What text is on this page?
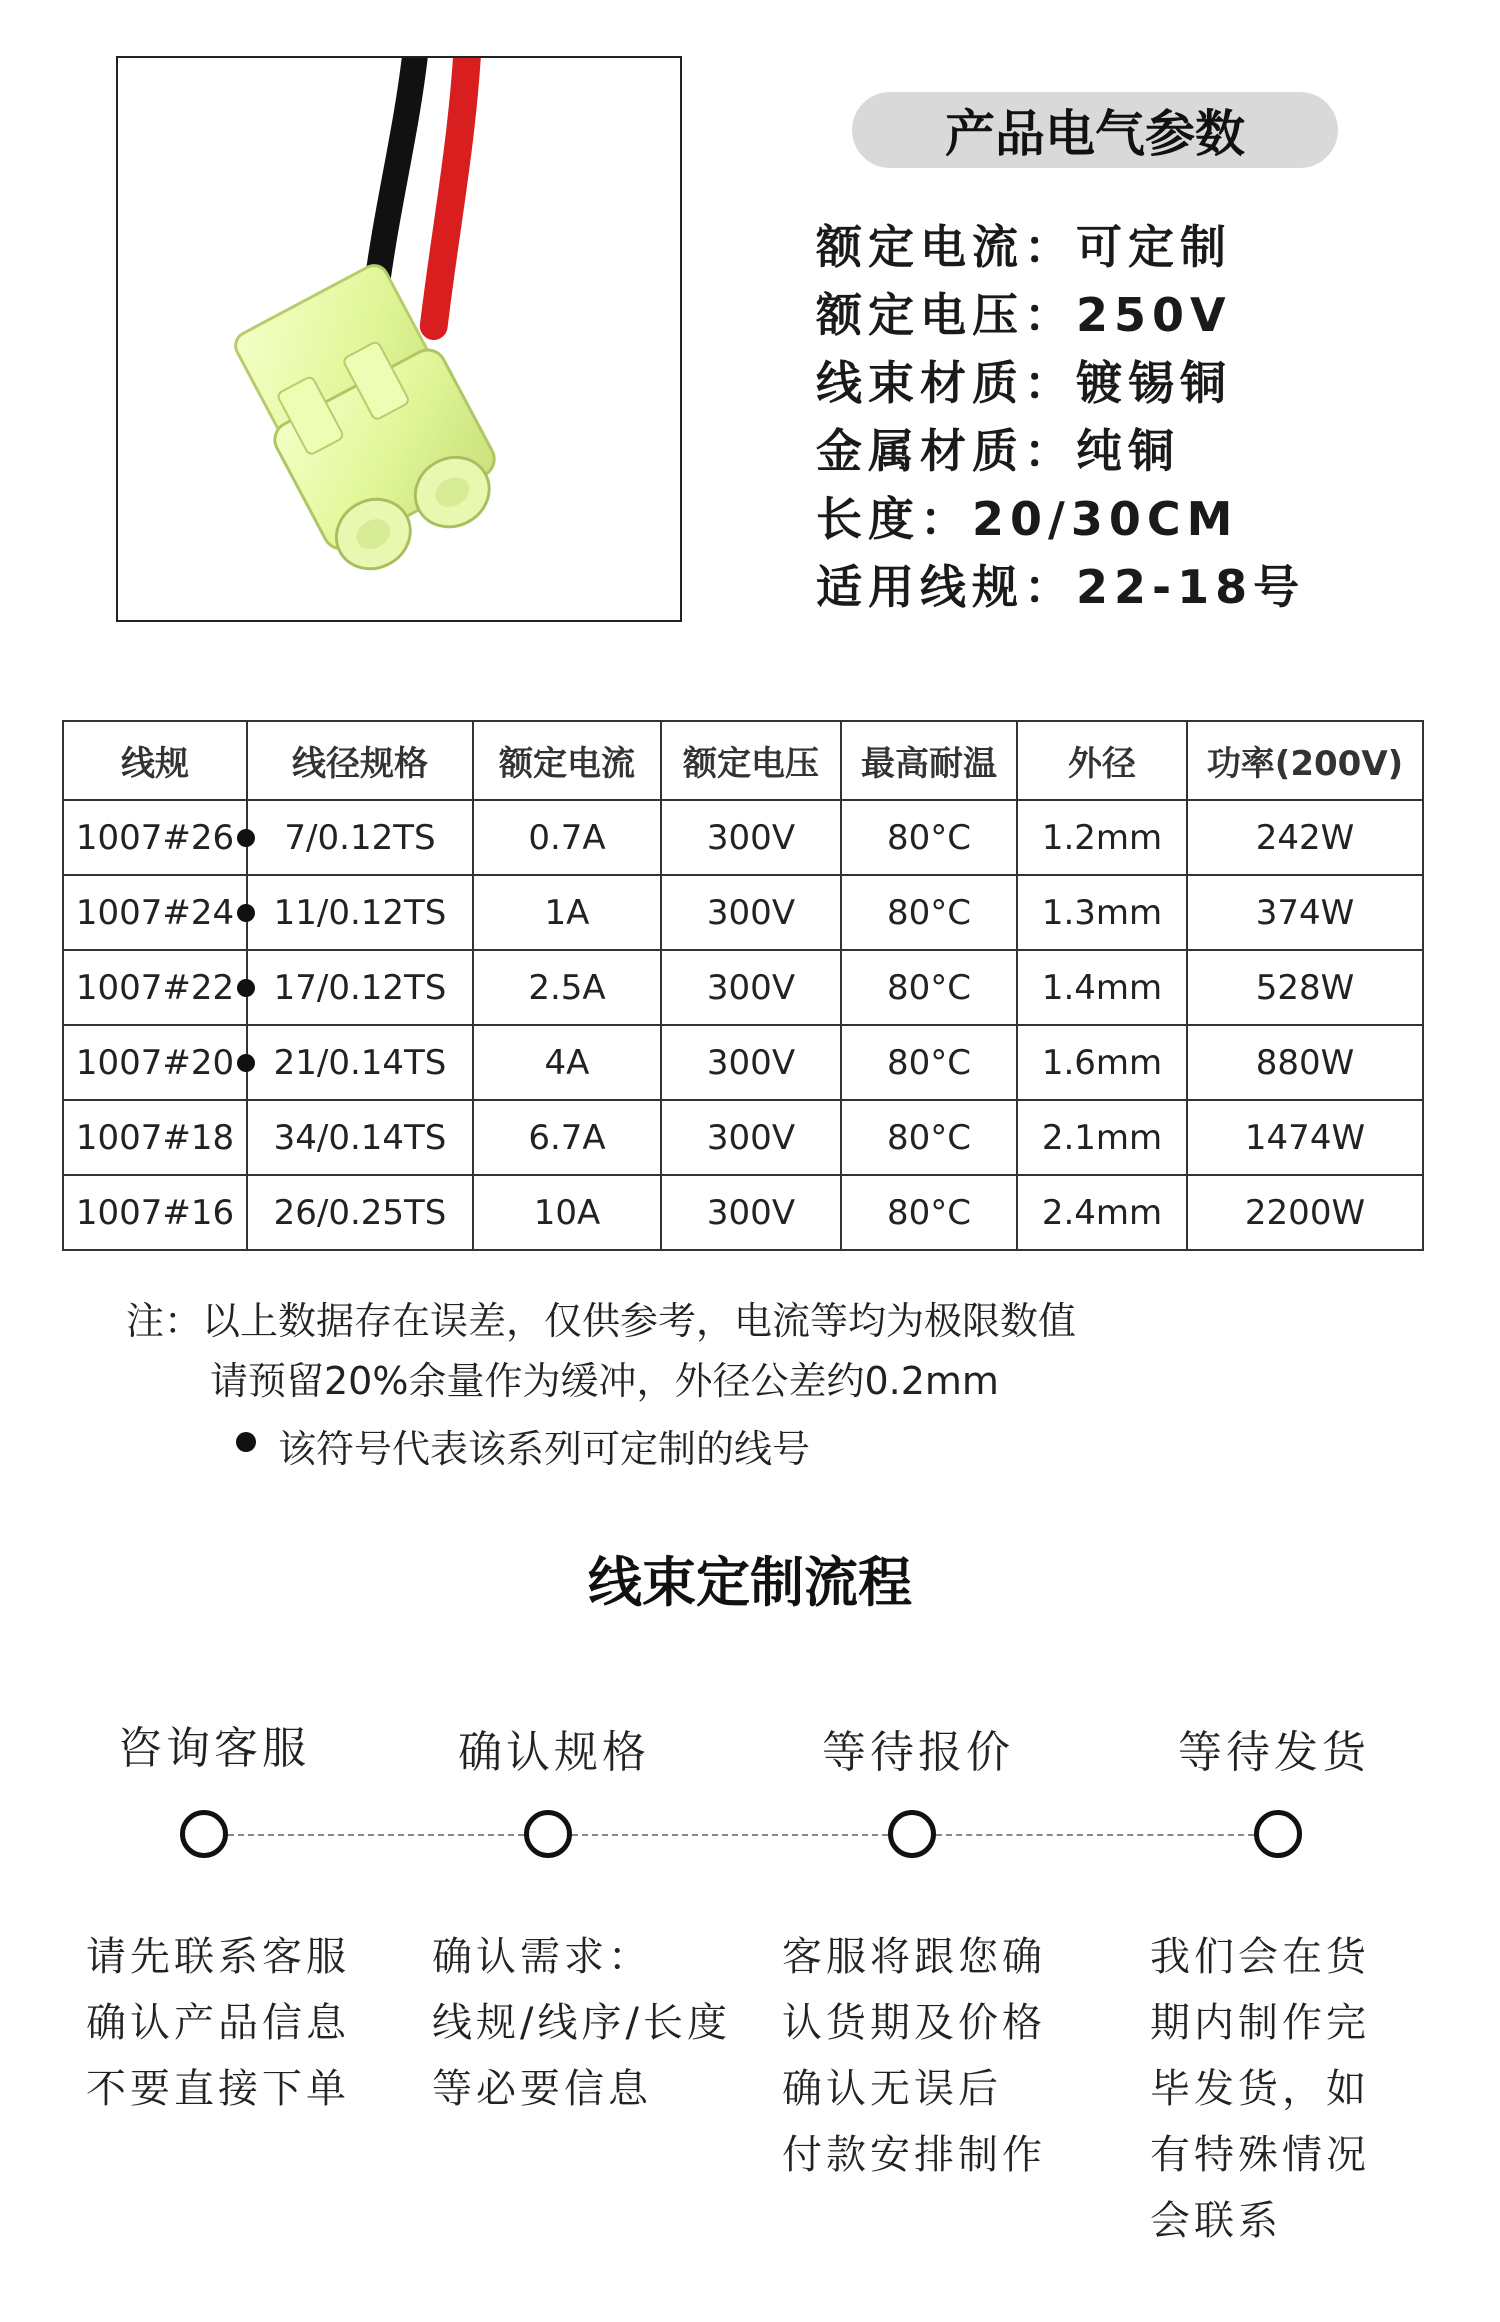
产品电气参数
额定电流：可定制
额定电压：250V
线束材质：镀锡铜
金属材质：纯铜
长度：20/30CM
适用线规：22-18号
线规	线径规格	额定电流	额定电压	最高耐温	外径	功率(200V)
1007#26	7/0.12TS	0.7A	300V	80°C	1.2mm	242W
1007#24	11/0.12TS	1A	300V	80°C	1.3mm	374W
1007#22	17/0.12TS	2.5A	300V	80°C	1.4mm	528W
1007#20	21/0.14TS	4A	300V	80°C	1.6mm	880W
1007#18	34/0.14TS	6.7A	300V	80°C	2.1mm	1474W
1007#16	26/0.25TS	10A	300V	80°C	2.4mm	2200W
注：以上数据存在误差，仅供参考，电流等均为极限数值
请预留20%余量作为缓冲，外径公差约0.2mm
该符号代表该系列可定制的线号
线束定制流程
咨询客服	确认规格	等待报价	等待发货
请先联系客服
确认产品信息
不要直接下单
确认需求：
线规/线序/长度
等必要信息
客服将跟您确
认货期及价格
确认无误后
付款安排制作
我们会在货
期内制作完
毕发货，如
有特殊情况
会联系
